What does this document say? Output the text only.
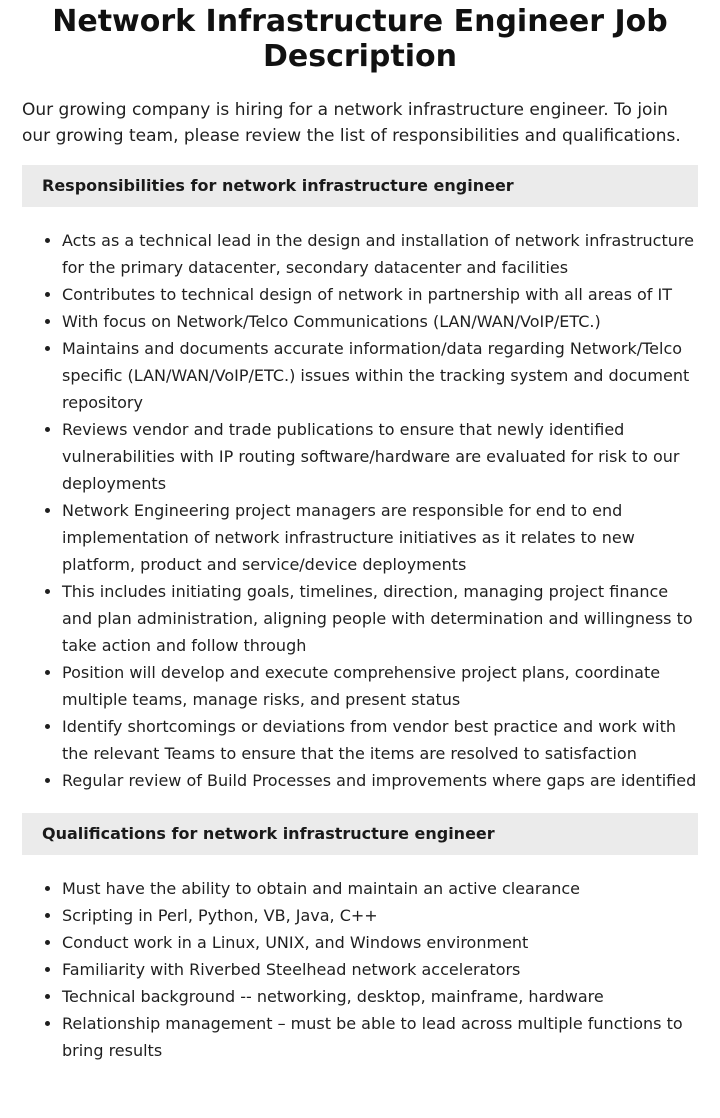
Network Infrastructure Engineer Job Description

Our growing company is hiring for a network infrastructure engineer. To join our growing team, please review the list of responsibilities and qualifications.

Responsibilities for network infrastructure engineer
• Acts as a technical lead in the design and installation of network infrastructure for the primary datacenter, secondary datacenter and facilities
• Contributes to technical design of network in partnership with all areas of IT
• With focus on Network/Telco Communications (LAN/WAN/VoIP/ETC.)
• Maintains and documents accurate information/data regarding Network/Telco specific (LAN/WAN/VoIP/ETC.) issues within the tracking system and document repository
• Reviews vendor and trade publications to ensure that newly identified vulnerabilities with IP routing software/hardware are evaluated for risk to our deployments
• Network Engineering project managers are responsible for end to end implementation of network infrastructure initiatives as it relates to new platform, product and service/device deployments
• This includes initiating goals, timelines, direction, managing project finance and plan administration, aligning people with determination and willingness to take action and follow through
• Position will develop and execute comprehensive project plans, coordinate multiple teams, manage risks, and present status
• Identify shortcomings or deviations from vendor best practice and work with the relevant Teams to ensure that the items are resolved to satisfaction
• Regular review of Build Processes and improvements where gaps are identified
Qualifications for network infrastructure engineer
• Must have the ability to obtain and maintain an active clearance
• Scripting in Perl, Python, VB, Java, C++
• Conduct work in a Linux, UNIX, and Windows environment
• Familiarity with Riverbed Steelhead network accelerators
• Technical background -- networking, desktop, mainframe, hardware
• Relationship management – must be able to lead across multiple functions to bring results
